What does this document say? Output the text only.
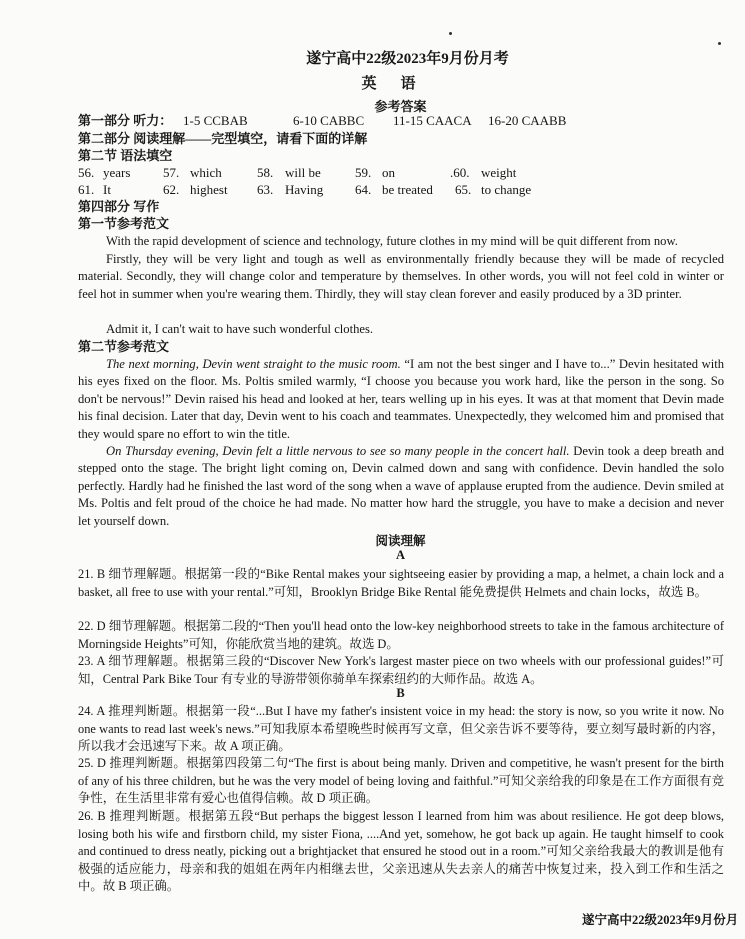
遂宁高中22级2023年9月份月考
英语
参考答案
第一部分 听力： 1-5 CCBAB	6-10 CABBC 11-15 CAACA 16-20 CAABB
第二部分 阅读理解——完型填空，请看下面的详解
第二节 语法填空
56. years	57. which	58. will be	59. on	.60. weight
61. It	62. highest 63. Having 64. be treated 65. to change
第四部分 写作
第一节参考范文
With the rapid development of science and technology, future clothes in my mind will be quit different from now.
Firstly, they will be very light and tough as well as environmentally friendly because they will be made of recycled material. Secondly, they will change color and temperature by themselves. In other words, you will not feel cold in winter or feel hot in summer when you're wearing them. Thirdly, they will stay clean forever and easily produced by a 3D printer.
Admit it, I can't wait to have such wonderful clothes.
第二节参考范文
The next morning, Devin went straight to the music room. “I am not the best singer and I have to...” Devin hesitated with his eyes fixed on the floor. Ms. Poltis smiled warmly, “I choose you because you work hard, like the person in the song. So don't be nervous!” Devin raised his head and looked at her, tears welling up in his eyes. It was at that moment that Devin made his final decision. Later that day, Devin went to his coach and teammates. Unexpectedly, they welcomed him and promised that they would spare no effort to win the title.
On Thursday evening, Devin felt a little nervous to see so many people in the concert hall. Devin took a deep breath and stepped onto the stage. The bright light coming on, Devin calmed down and sang with confidence. Devin handled the solo perfectly. Hardly had he finished the last word of the song when a wave of applause erupted from the audience. Devin smiled at Ms. Poltis and felt proud of the choice he had made. No matter how hard the struggle, you have to make a decision and never let yourself down.
阅读理解
A
21. B 细节理解题。根据第一段的“Bike Rental makes your sightseeing easier by providing a map, a helmet, a chain lock and a basket, all free to use with your rental.”可知，Brooklyn Bridge Bike Rental 能免费提供 Helmets and chain locks，故选 B。
22. D 细节理解题。根据第二段的“Then you'll head onto the low-key neighborhood streets to take in the famous architecture of Morningside Heights”可知，你能欣赏当地的建筑。故选 D。
23. A 细节理解题。根据第三段的“Discover New York's largest master piece on two wheels with our professional guides!”可知，Central Park Bike Tour 有专业的导游带领你骑单车探索纽约的大师作品。故选 A。
B
24. A 推理判断题。根据第一段“...But I have my father's insistent voice in my head: the story is now, so you write it now. No one wants to read last week's news.”可知我原本希望晚些时候再写文章，但父亲告诉不要等待，要立刻写最时新的内容，所以我才会迅速写下来。故 A 项正确。
25. D 推理判断题。根据第四段第二句“The first is about being manly. Driven and competitive, he wasn't present for the birth of any of his three children, but he was the very model of being loving and faithful.”可知父亲给我的印象是在工作方面很有竞争性，在生活里非常有爱心也值得信赖。故 D 项正确。
26. B 推理判断题。根据第五段“But perhaps the biggest lesson I learned from him was about resilience. He got deep blows, losing both his wife and firstborn child, my sister Fiona, ....And yet, somehow, he got back up again. He taught himself to cook and continued to dress neatly, picking out a brightjacket that ensured he stood out in a room.”可知父亲给我最大的教训是他有极强的适应能力，母亲和我的姐姐在两年内相继去世，父亲迅速从失去亲人的痛苦中恢复过来，投入到工作和生活之中。故 B 项正确。
遂宁高中22级2023年9月份月
